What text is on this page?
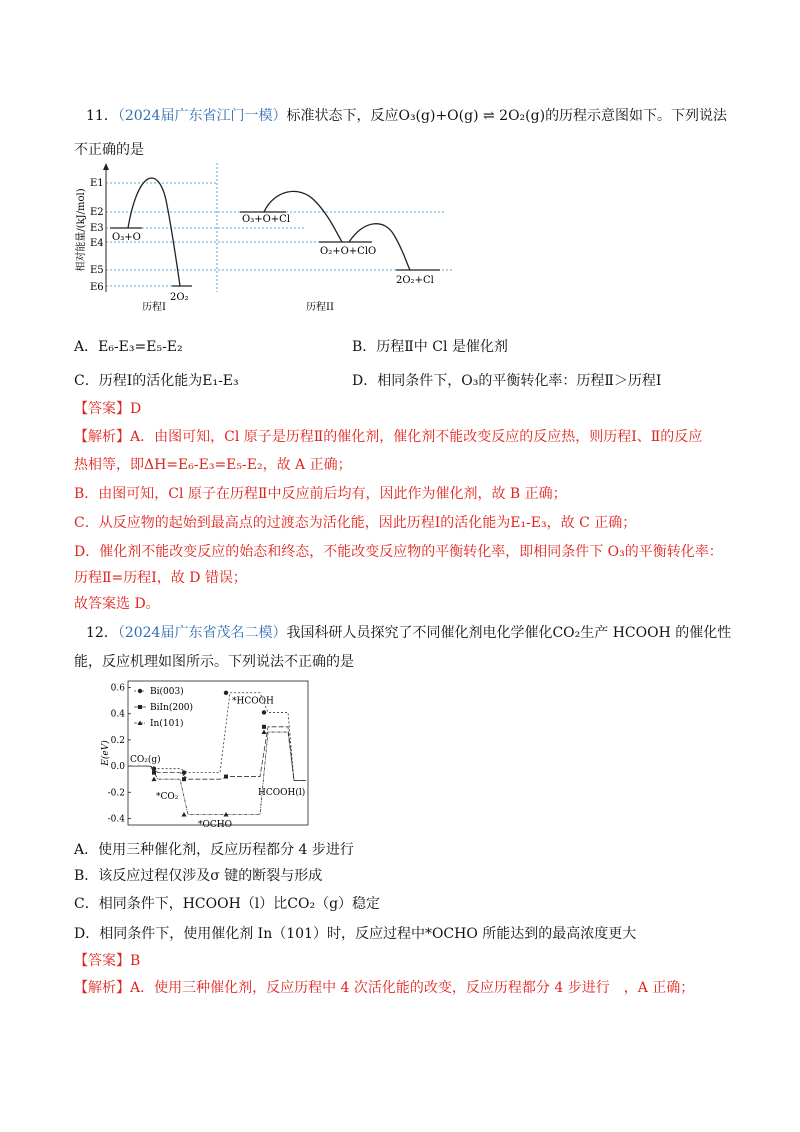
11．（2024届广东省江门一模）标准状态下，反应O₃(g)+O(g) ⇌ 2O₂(g)的历程示意图如下。下列说法
不正确的是
相对能量/(kJ/mol)
E1
E2
E3
E4
E5
E6
O₃+O
2O₂
O₃+O+Cl
O₂+O+ClO
2O₂+Cl
历程I	历程II
A．E₆-E₃=E₅-E₂	B．历程Ⅱ中 Cl 是催化剂
C．历程Ⅰ的活化能为E₁-E₃	D．相同条件下，O₃的平衡转化率：历程Ⅱ＞历程Ⅰ
【答案】D
【解析】A．由图可知，Cl 原子是历程Ⅱ的催化剂，催化剂不能改变反应的反应热，则历程Ⅰ、Ⅱ的反应
热相等，即ΔH=E₆-E₃=E₅-E₂，故 A 正确；
B．由图可知，Cl 原子在历程Ⅱ中反应前后均有，因此作为催化剂，故 B 正确；
C．从反应物的起始到最高点的过渡态为活化能，因此历程Ⅰ的活化能为E₁-E₃，故 C 正确；
D．催化剂不能改变反应的始态和终态，不能改变反应物的平衡转化率，即相同条件下 O₃的平衡转化率：
历程Ⅱ=历程Ⅰ，故 D 错误；
故答案选 D。
12．（2024届广东省茂名二模）我国科研人员探究了不同催化剂电化学催化CO₂生产 HCOOH 的催化性
能，反应机理如图所示。下列说法不正确的是
0.6
0.4
0.2
0.0
-0.2
-0.4
E(eV)
Bi(003)
BiIn(200)
In(101)
CO₂(g)
*CO₂
*OCHO
*HCOOH
HCOOH(l)
A．使用三种催化剂，反应历程都分 4 步进行
B．该反应过程仅涉及σ 键的断裂与形成
C．相同条件下，HCOOH（l）比CO₂（g）稳定
D．相同条件下，使用催化剂 In（101）时，反应过程中*OCHO 所能达到的最高浓度更大
【答案】B
【解析】A．使用三种催化剂，反应历程中 4 次活化能的改变，反应历程都分 4 步进行　，A 正确；
